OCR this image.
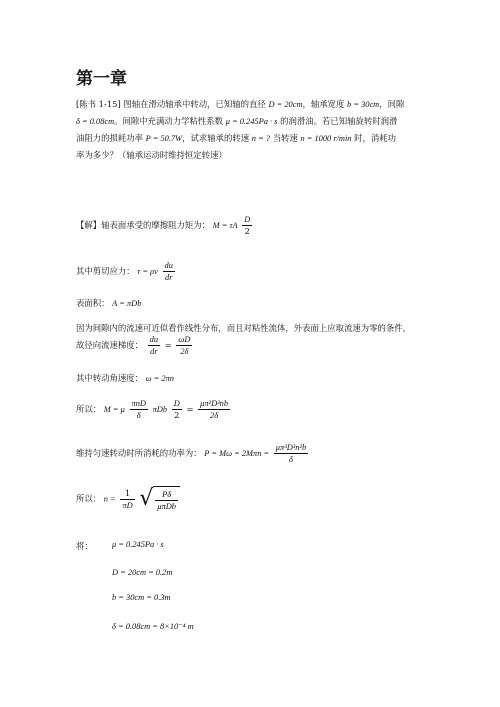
第一章
[陈书 1-15] 图轴在滑动轴承中转动，已知轴的直径 D = 20cm，轴承宽度 b = 30cm，间隙
δ = 0.08cm。间隙中充满动力学粘性系数 μ = 0.245Pa · s 的润滑油。若已知轴旋转时润滑
油阻力的损耗功率 P = 50.7W，试求轴承的转速 n = ? 当转速 n = 1000 r/min 时，消耗功
率为多少？（轴承运动时维持恒定转速）
【解】轴表面承受的摩擦阻力矩为： M = τA $\frac{D}{2}$
其中剪切应力： τ = ρν $\frac{du}{dr}$
表面积： A = πDb
因为间隙内的流速可近似看作线性分布，而且对粘性流体，外表面上应取流速为零的条件，
故径向流速梯度： $\frac{du}{dr} = \frac{\omega D}{2\delta}$
其中转动角速度： ω = 2πn
所以： M = μ $\frac{\text{πnD}}{\delta}$ πDb $\frac{D}{2} = \frac{\text{μπ²D³nb}}{2\delta}$
维持匀速转动时所消耗的功率为： $P = M\omega = 2M\pi n = \frac{\text{μπ³D³n²b}}{\delta}$
所以： $n = \frac{1}{\pi D}$
√ $\frac{P\delta}{\text{μπDb}}$
将： μ = 0.245Pa · s
D = 20cm = 0.2m
b = 30cm = 0.3m
δ = 0.08cm = 8×10⁻⁴ m
